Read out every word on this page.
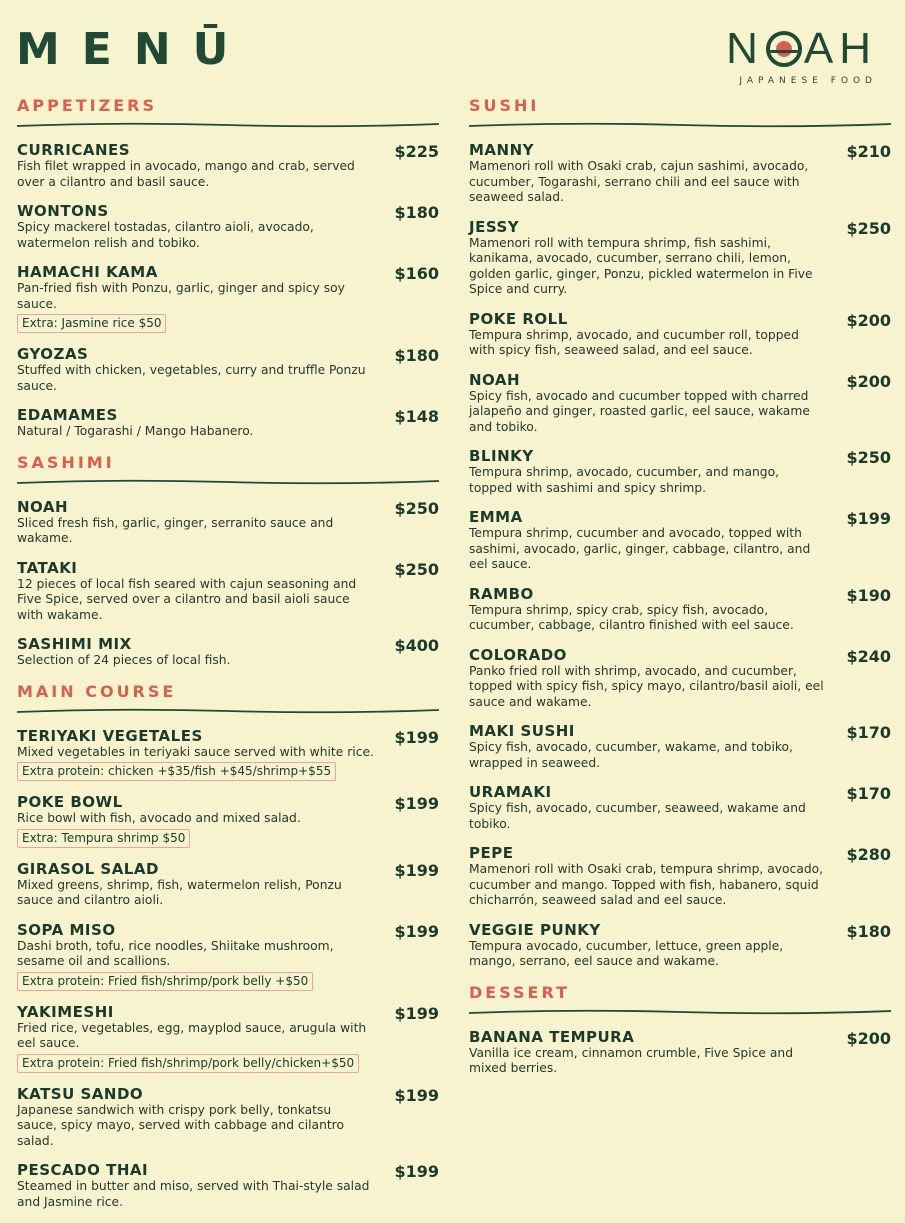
MENŪ	N AH
JAPANESE FOOD
APPETIZERS
CURRICANES	$225
Fish filet wrapped in avocado, mango and crab, served over a cilantro and basil sauce.
WONTONS	$180
Spicy mackerel tostadas, cilantro aioli, avocado, watermelon relish and tobiko.
HAMACHI KAMA	$160
Pan-fried fish with Ponzu, garlic, ginger and spicy soy sauce.
Extra: Jasmine rice $50
GYOZAS	$180
Stuffed with chicken, vegetables, curry and truffle Ponzu sauce.
EDAMAMES	$148
Natural / Togarashi / Mango Habanero.
SASHIMI
NOAH	$250
Sliced fresh fish, garlic, ginger, serranito sauce and wakame.
TATAKI	$250
12 pieces of local fish seared with cajun seasoning and Five Spice, served over a cilantro and basil aioli sauce with wakame.
SASHIMI MIX	$400
Selection of 24 pieces of local fish.
MAIN COURSE
TERIYAKI VEGETALES	$199
Mixed vegetables in teriyaki sauce served with white rice.
Extra protein: chicken +$35/fish +$45/shrimp+$55
POKE BOWL	$199
Rice bowl with fish, avocado and mixed salad.
Extra: Tempura shrimp $50
GIRASOL SALAD	$199
Mixed greens, shrimp, fish, watermelon relish, Ponzu sauce and cilantro aioli.
SOPA MISO	$199
Dashi broth, tofu, rice noodles, Shiitake mushroom, sesame oil and scallions.
Extra protein: Fried fish/shrimp/pork belly +$50
YAKIMESHI	$199
Fried rice, vegetables, egg, mayplod sauce, arugula with eel sauce.
Extra protein: Fried fish/shrimp/pork belly/chicken+$50
KATSU SANDO	$199
Japanese sandwich with crispy pork belly, tonkatsu sauce, spicy mayo, served with cabbage and cilantro salad.
PESCADO THAI	$199
Steamed in butter and miso, served with Thai-style salad and Jasmine rice.
SUSHI
MANNY	$210
Mamenori roll with Osaki crab, cajun sashimi, avocado, cucumber, Togarashi, serrano chili and eel sauce with seaweed salad.
JESSY	$250
Mamenori roll with tempura shrimp, fish sashimi, kanikama, avocado, cucumber, serrano chili, lemon, golden garlic, ginger, Ponzu, pickled watermelon in Five Spice and curry.
POKE ROLL	$200
Tempura shrimp, avocado, and cucumber roll, topped with spicy fish, seaweed salad, and eel sauce.
NOAH	$200
Spicy fish, avocado and cucumber topped with charred jalapeño and ginger, roasted garlic, eel sauce, wakame and tobiko.
BLINKY	$250
Tempura shrimp, avocado, cucumber, and mango, topped with sashimi and spicy shrimp.
EMMA	$199
Tempura shrimp, cucumber and avocado, topped with sashimi, avocado, garlic, ginger, cabbage, cilantro, and eel sauce.
RAMBO	$190
Tempura shrimp, spicy crab, spicy fish, avocado, cucumber, cabbage, cilantro finished with eel sauce.
COLORADO	$240
Panko fried roll with shrimp, avocado, and cucumber, topped with spicy fish, spicy mayo, cilantro/basil aioli, eel sauce and wakame.
MAKI SUSHI	$170
Spicy fish, avocado, cucumber, wakame, and tobiko, wrapped in seaweed.
URAMAKI	$170
Spicy fish, avocado, cucumber, seaweed, wakame and tobiko.
PEPE	$280
Mamenori roll with Osaki crab, tempura shrimp, avocado, cucumber and mango. Topped with fish, habanero, squid chicharrón, seaweed salad and eel sauce.
VEGGIE PUNKY	$180
Tempura avocado, cucumber, lettuce, green apple, mango, serrano, eel sauce and wakame.
DESSERT
BANANA TEMPURA	$200
Vanilla ice cream, cinnamon crumble, Five Spice and mixed berries.
